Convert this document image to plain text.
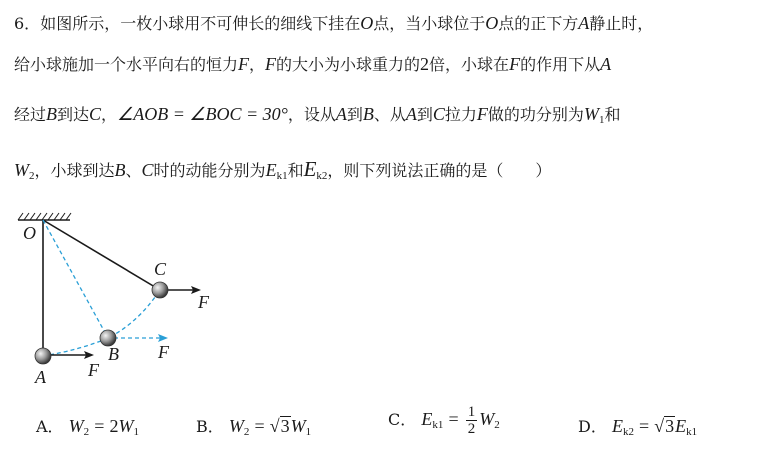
6．如图所示，一枚小球用不可伸长的细线下挂在O点，当小球位于O点的正下方A静止时，
给小球施加一个水平向右的恒力F，F的大小为小球重力的2倍，小球在F的作用下从A
经过B到达C，∠AOB = ∠BOC = 30°，设从A到B、从A到C拉力F做的功分别为$W_1$和
$W_2$，小球到达B、C时的动能分别为$E_{k1}$和$E_{k2}$，则下列说法正确的是（　　）
O
A
B
C
F
F
F
A． $W_2 = 2W_1$	B． $W_2 = √3W_1$
C． $E_{k1} = \frac{1}{2} W_2$	D． $E_{k2} = √3E_{k1}$
